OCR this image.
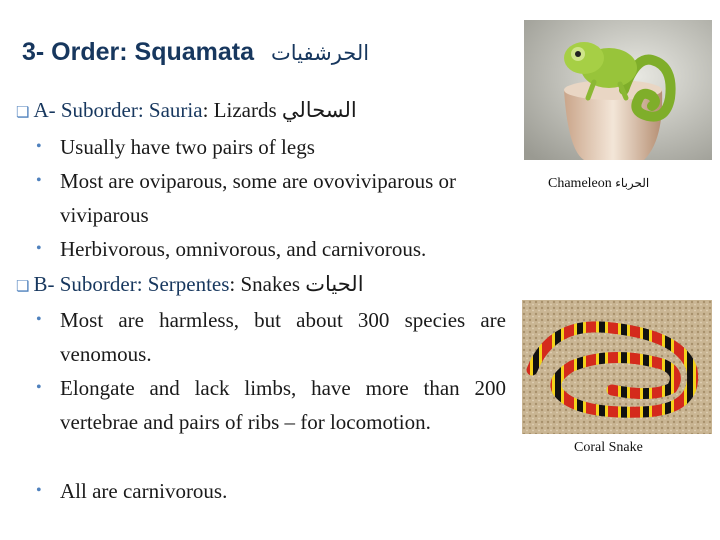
3- Order: Squamata الحرشفيات
❏ A- Suborder: Sauria: Lizards السحالي
• Usually have two pairs of legs
• Most are oviparous, some are ovoviviparous or viviparous
• Herbivorous, omnivorous, and carnivorous.
❏ B- Suborder: Serpentes: Snakes الحيات
• Most are harmless, but about 300 species are venomous.
• Elongate and lack limbs, have more than 200 vertebrae and pairs of ribs – for locomotion.
• All are carnivorous.
Chameleon الحرباء
Coral Snake
